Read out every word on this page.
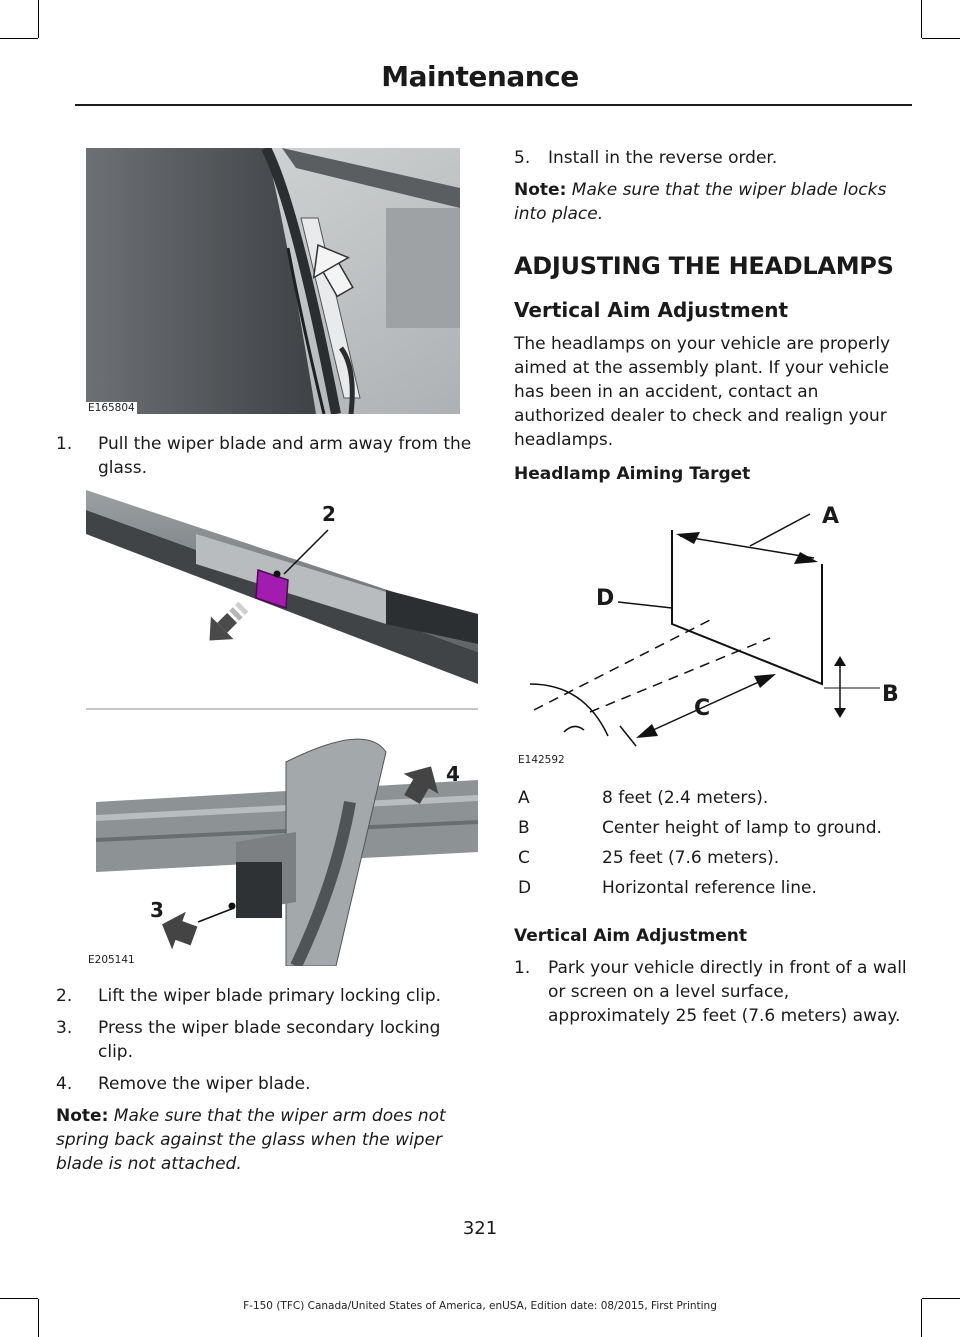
Maintenance
E165804
1. Pull the wiper blade and arm away from the glass.
2
3
4
E205141
2. Lift the wiper blade primary locking clip.
3. Press the wiper blade secondary locking clip.
4. Remove the wiper blade.
Note: Make sure that the wiper arm does not spring back against the glass when the wiper blade is not attached.
5. Install in the reverse order.
Note: Make sure that the wiper blade locks into place.
ADJUSTING THE HEADLAMPS
Vertical Aim Adjustment

The headlamps on your vehicle are properly aimed at the assembly plant. If your vehicle has been in an accident, contact an authorized dealer to check and realign your headlamps.

Headlamp Aiming Target
A
D
B
C
E142592
A	8 feet (2.4 meters).
B	Center height of lamp to ground.
C	25 feet (7.6 meters).
D	Horizontal reference line.
Vertical Aim Adjustment
1. Park your vehicle directly in front of a wall or screen on a level surface, approximately 25 feet (7.6 meters) away.
321
F-150 (TFC) Canada/United States of America, enUSA, Edition date: 08/2015, First Printing
